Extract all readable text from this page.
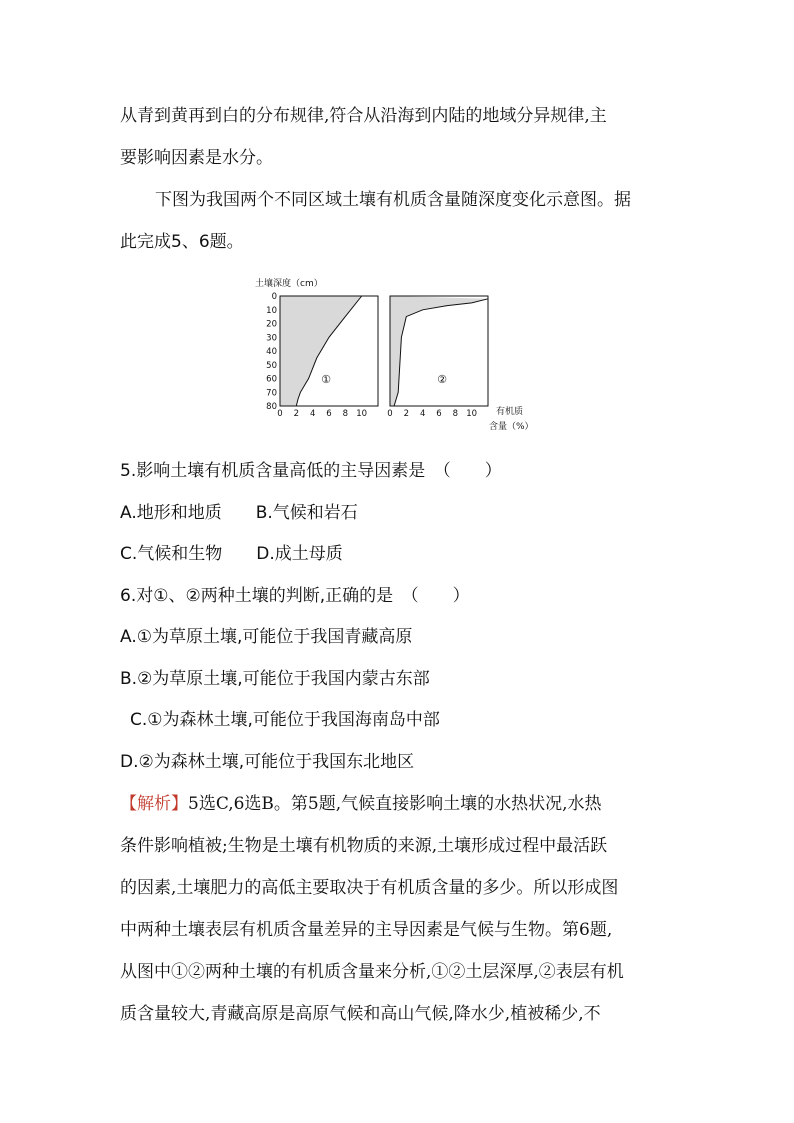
从青到黄再到白的分布规律,符合从沿海到内陆的地域分异规律,主
要影响因素是水分。
下图为我国两个不同区域土壤有机质含量随深度变化示意图。据
此完成5、6题。
土壤深度（cm）
0 2 4 6 8 10
0
10
20
30
40
50
60
70
80
①
0 2 4 6 8 10
②
有机质
含量（%）
5.影响土壤有机质含量高低的主导因素是　（　　）
A.地形和地质　　B.气候和岩石
C.气候和生物　　D.成土母质
6.对①、②两种土壤的判断,正确的是　（　　）
A.①为草原土壤,可能位于我国青藏高原
B.②为草原土壤,可能位于我国内蒙古东部
C.①为森林土壤,可能位于我国海南岛中部
D.②为森林土壤,可能位于我国东北地区
【解析】5选C,6选B。第5题,气候直接影响土壤的水热状况,水热
条件影响植被;生物是土壤有机物质的来源,土壤形成过程中最活跃
的因素,土壤肥力的高低主要取决于有机质含量的多少。所以形成图
中两种土壤表层有机质含量差异的主导因素是气候与生物。第6题,
从图中①②两种土壤的有机质含量来分析,①②土层深厚,②表层有机
质含量较大,青藏高原是高原气候和高山气候,降水少,植被稀少,不
